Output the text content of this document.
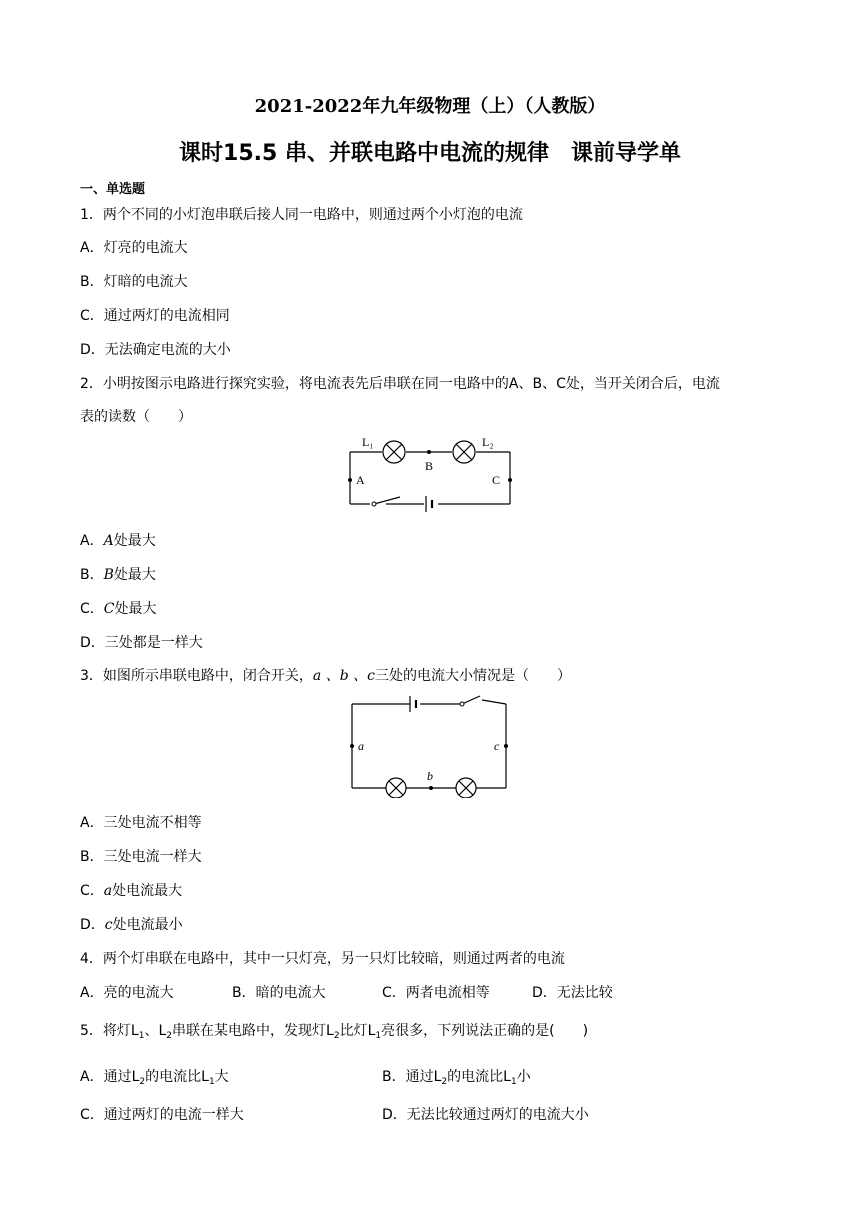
2021-2022年九年级物理（上）（人教版）
课时15.5 串、并联电路中电流的规律　课前导学单
一、单选题
1．两个不同的小灯泡串联后接人同一电路中，则通过两个小灯泡的电流
A．灯亮的电流大
B．灯暗的电流大
C．通过两灯的电流相同
D．无法确定电流的大小
2．小明按图示电路进行探究实验，将电流表先后串联在同一电路中的A、B、C处，当开关闭合后，电流
表的读数（　　）
L₁	L₂
A
B
C
A．A处最大
B．B处最大
C．C处最大
D．三处都是一样大
3．如图所示串联电路中，闭合开关，a 、b 、c三处的电流大小情况是（　　）
a
b
c
A．三处电流不相等
B．三处电流一样大
C．a处电流最大
D．c处电流最小
4．两个灯串联在电路中，其中一只灯亮，另一只灯比较暗，则通过两者的电流
A．亮的电流大	B．暗的电流大	C．两者电流相等	D．无法比较
5．将灯$L_1$、$L_2$串联在某电路中，发现灯$L_2$比灯$L_1$亮很多，下列说法正确的是(　　)
A．通过$L_2$的电流比$L_1$大	B．通过$L_2$的电流比$L_1$小
C．通过两灯的电流一样大	D．无法比较通过两灯的电流大小
